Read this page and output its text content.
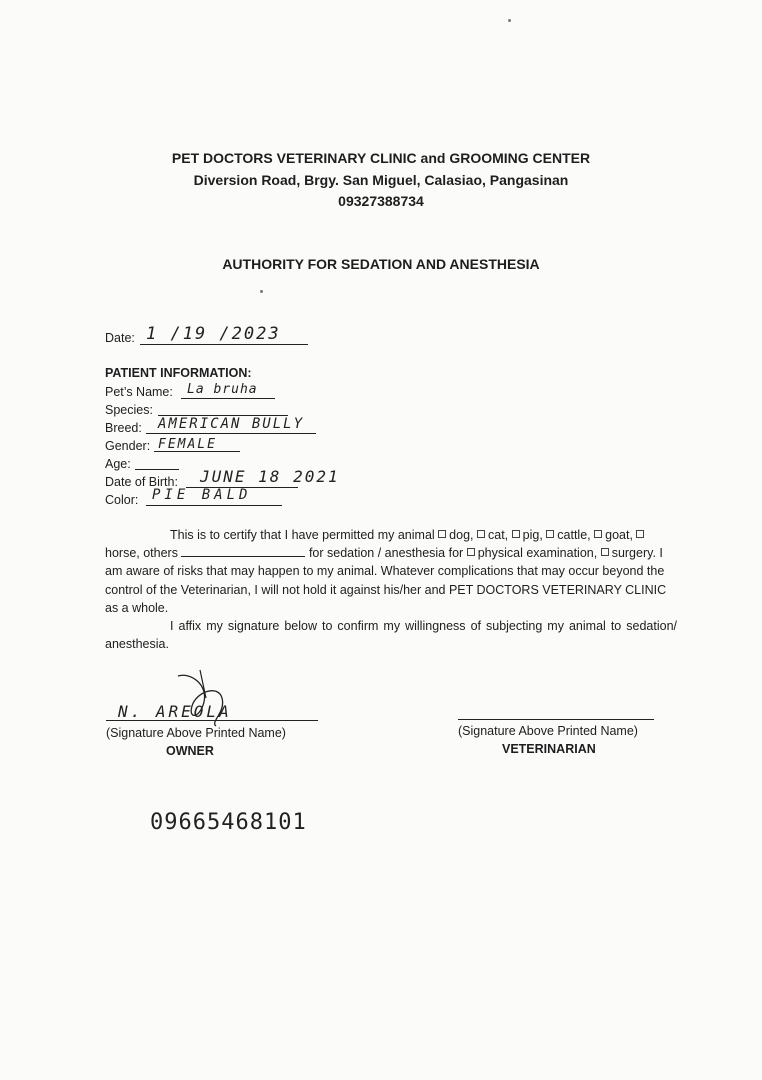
PET DOCTORS VETERINARY CLINIC and GROOMING CENTER
Diversion Road, Brgy. San Miguel, Calasiao, Pangasinan
09327388734
AUTHORITY FOR SEDATION AND ANESTHESIA
Date: 1 /19 /2023
PATIENT INFORMATION:
Pet’s Name: La bruha
Species:
Breed: AMERICAN BULLY
Gender: FEMALE
Age:
Date of Birth: JUNE 18 2021
Color: PIE BALD

This is to certify that I have permitted my animal dog, cat, pig, cattle, goat, horse, others	for sedation / anesthesia for physical examination, surgery. I am aware of risks that may happen to my animal. Whatever complications that may occur beyond the control of the Veterinarian, I will not hold it against his/her and PET DOCTORS VETERINARY CLINIC as a whole.

I affix my signature below to confirm my willingness of subjecting my animal to sedation/ anesthesia.

N. AREOLA
(Signature Above Printed Name)
OWNER
(Signature Above Printed Name)
VETERINARIAN
09665468101
